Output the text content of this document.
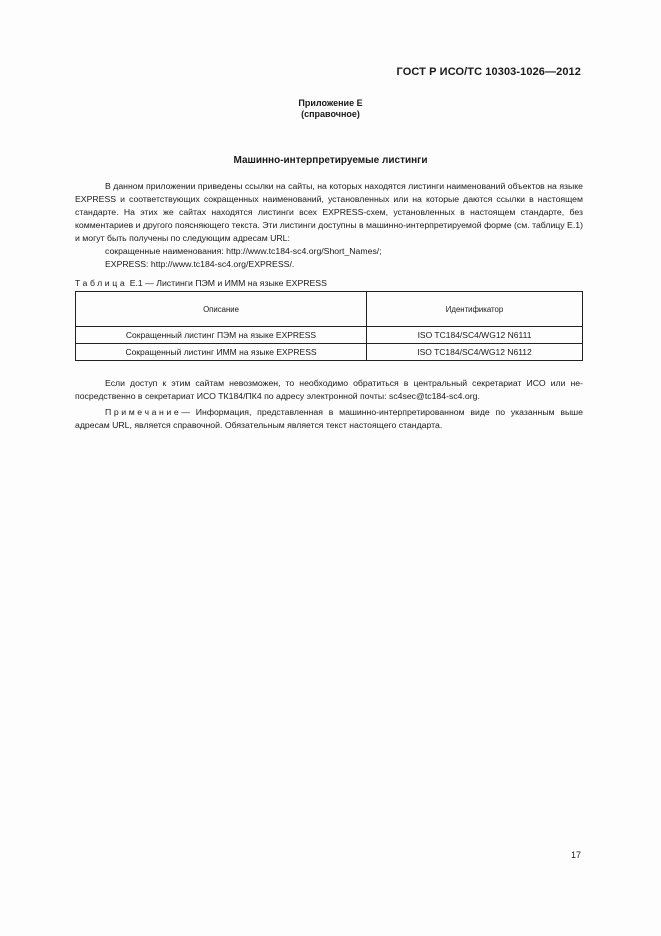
ГОСТ Р ИСО/ТС 10303-1026—2012
Приложение Е
(справочное)
Машинно-интерпретируемые листинги

В данном приложении приведены ссылки на сайты, на которых находятся листинги наименований объектов на языке EXPRESS и соответствующих сокращенных наименований, установленных или на которые даются ссылки в настоящем стандарте. На этих же сайтах находятся листинги всех EXPRESS-схем, установленных в настоящем стандарте, без комментариев и другого поясняющего текста. Эти листинги доступны в машинно-интерпретируемой форме (см. таблицу Е.1) и могут быть получены по следующим адресам URL:

сокращенные наименования: http://www.tc184-sc4.org/Short_Names/;

EXPRESS: http://www.tc184-sc4.org/EXPRESS/.

Таблица Е.1 — Листинги ПЭМ и ИММ на языке EXPRESS
Описание	Идентификатор
Сокращенный листинг ПЭМ на языке EXPRESS	ISO TC184/SC4/WG12 N6111
Сокращенный листинг ИММ на языке EXPRESS	ISO TC184/SC4/WG12 N6112

Если доступ к этим сайтам невозможен, то необходимо обратиться в центральный секретариат ИСО или не-посредственно в секретариат ИСО ТК184/ПК4 по адресу электронной почты: sc4sec@tc184-sc4.org.

Примечание— Информация, представленная в машинно-интерпретированном виде по указанным выше адресам URL, является справочной. Обязательным является текст настоящего стандарта.

17
